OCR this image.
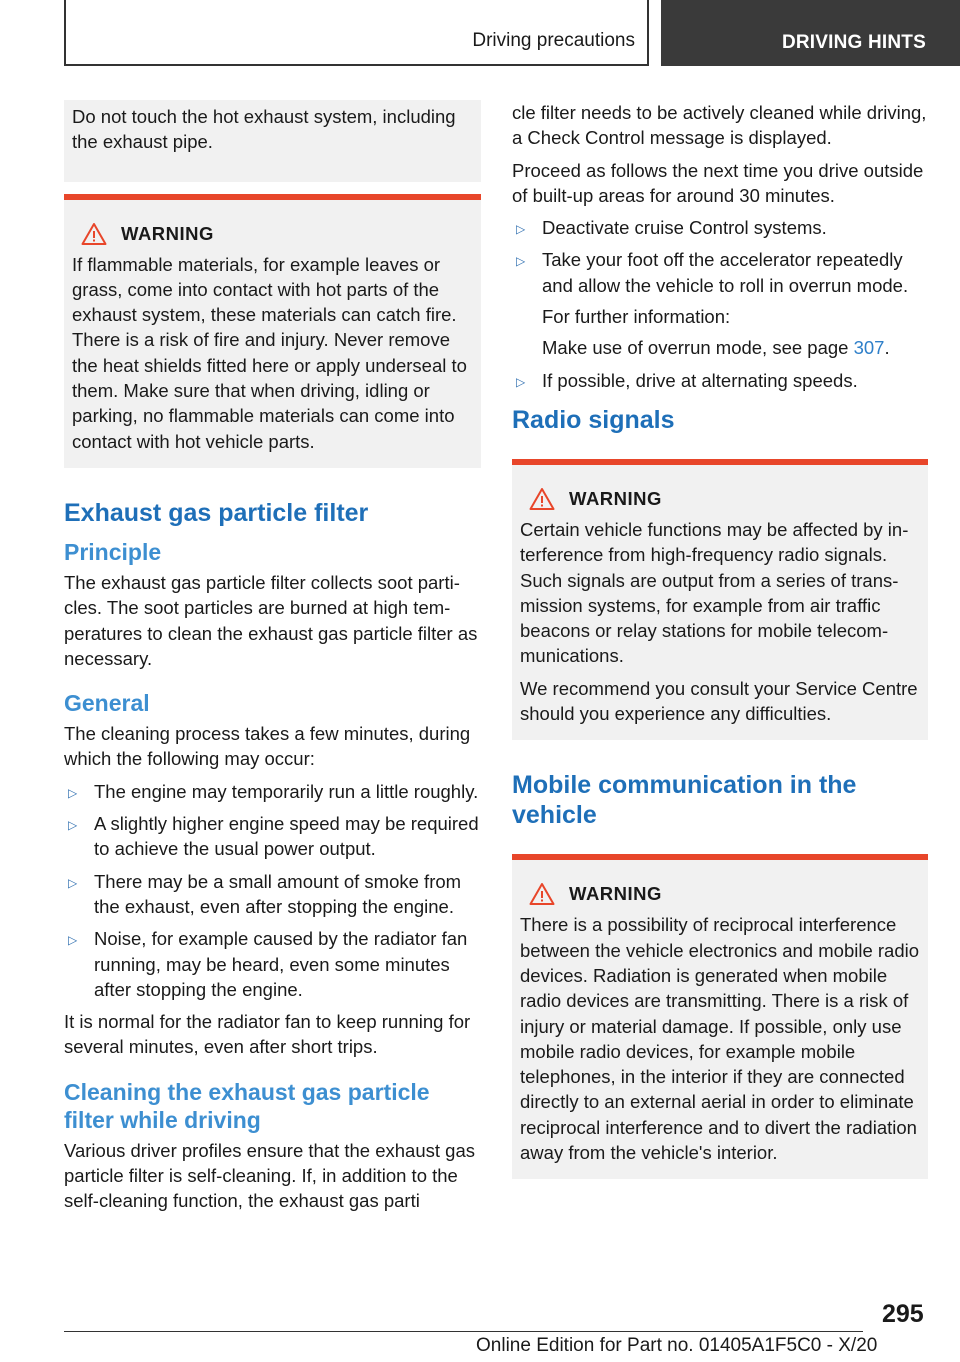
Driving precautions	DRIVING HINTS

Do not touch the hot exhaust system, including the exhaust pipe.

WARNING

If flammable materials, for example leaves or grass, come into contact with hot parts of the exhaust system, these materials can catch fire. There is a risk of fire and injury. Never remove the heat shields fitted here or apply underseal to them. Make sure that when driving, idling or parking, no flammable materials can come into contact with hot vehicle parts.

Exhaust gas particle filter
Principle

The exhaust gas particle filter collects soot particles. The soot particles are burned at high temperatures to clean the exhaust gas particle filter as necessary.

General

The cleaning process takes a few minutes, during which the following may occur:

▷ The engine may temporarily run a little roughly.
▷ A slightly higher engine speed may be required to achieve the usual power output.
▷ There may be a small amount of smoke from the exhaust, even after stopping the engine.
▷ Noise, for example caused by the radiator fan running, may be heard, even some minutes after stopping the engine.

It is normal for the radiator fan to keep running for several minutes, even after short trips.

Cleaning the exhaust gas particle filter while driving

Various driver profiles ensure that the exhaust gas particle filter is self-cleaning. If, in addition to the self-cleaning function, the exhaust gas parti

cle filter needs to be actively cleaned while driving, a Check Control message is displayed.

Proceed as follows the next time you drive outside of built-up areas for around 30 minutes.

▷ Deactivate cruise Control systems.
▷ Take your foot off the accelerator repeatedly and allow the vehicle to roll in overrun mode.
For further information:
Make use of overrun mode, see page 307.
▷ If possible, drive at alternating speeds.
Radio signals
WARNING

Certain vehicle functions may be affected by interference from high-frequency radio signals. Such signals are output from a series of transmission systems, for example from air traffic beacons or relay stations for mobile telecommunications.

We recommend you consult your Service Centre should you experience any difficulties.

Mobile communication in the vehicle
WARNING

There is a possibility of reciprocal interference between the vehicle electronics and mobile radio devices. Radiation is generated when mobile radio devices are transmitting. There is a risk of injury or material damage. If possible, only use mobile radio devices, for example mobile telephones, in the interior if they are connected directly to an external aerial in order to eliminate reciprocal interference and to divert the radiation away from the vehicle's interior.

295
Online Edition for Part no. 01405A1F5C0 - X/20
